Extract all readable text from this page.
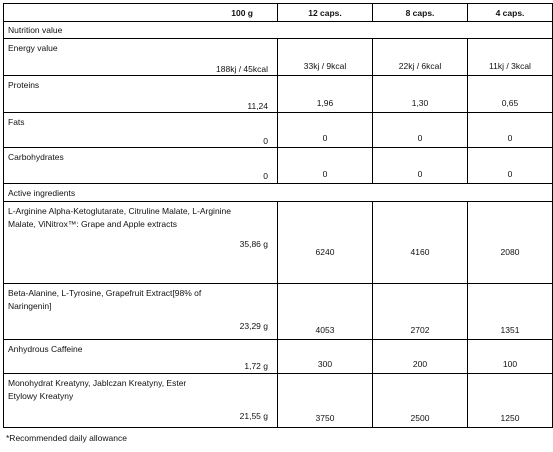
100 g	12 caps.	8 caps.	4 caps.
Nutrition value			

Energy value
188kj / 45kcal	33kj / 9kcal	22kj / 6kcal	11kj / 3kcal

Proteins
11,24	1,96	1,30	0,65

Fats
0	0	0	0

Carbohydrates
0	0	0	0
Active ingredients			

L-Arginine Alpha-Ketoglutarate, Citruline Malate, L-Arginine Malate, ViNitrox™: Grape and Apple extracts
35,86 g	6240	4160	2080

Beta-Alanine, L-Tyrosine, Grapefruit Extract[98% of Naringenin]
23,29 g	4053	2702	1351

Anhydrous Caffeine
1,72 g	300	200	100

Monohydrat Kreatyny, Jablczan Kreatyny, Ester Etylowy Kreatyny
21,55 g	3750	2500	1250
*Recommended daily allowance
